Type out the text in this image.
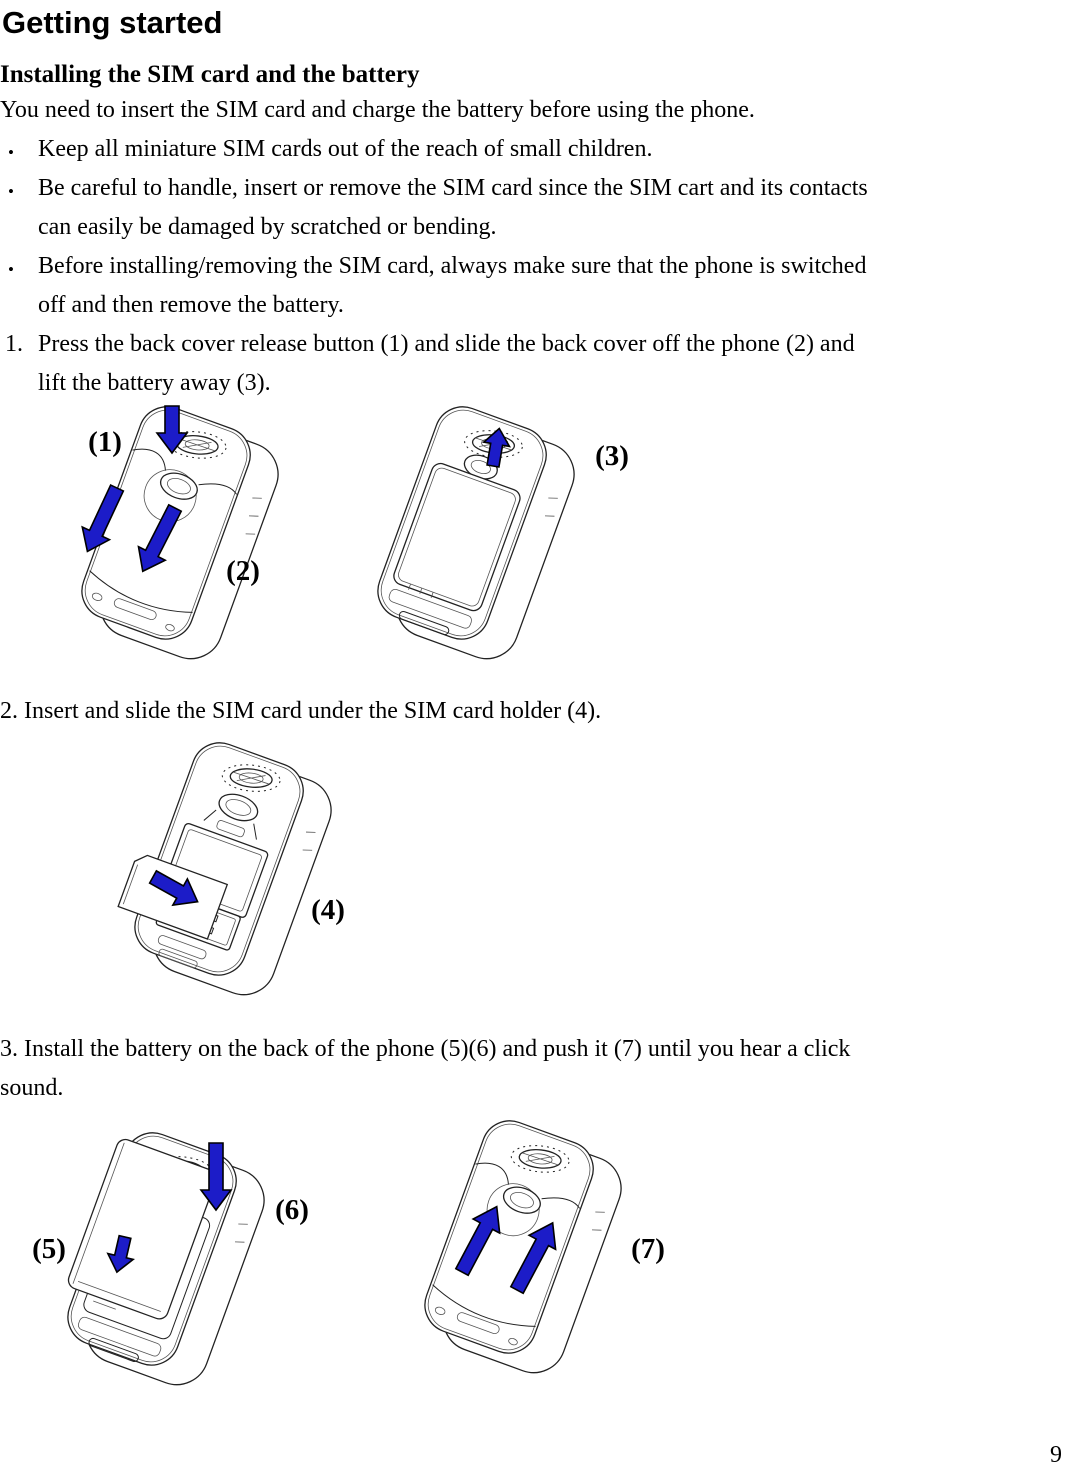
Getting started
Installing the SIM card and the battery
You need to insert the SIM card and charge the battery before using the phone.
• Keep all miniature SIM cards out of the reach of small children.
• Be careful to handle, insert or remove the SIM card since the SIM cart and its contacts
can easily be damaged by scratched or bending.
• Before installing/removing the SIM card, always make sure that the phone is switched
off and then remove the battery.
1. Press the back cover release button (1) and slide the back cover off the phone (2) and
lift the battery away (3).
(1)
(2)
(3)
2. Insert and slide the SIM card under the SIM card holder (4).
(4)
3. Install the battery on the back of the phone (5)(6) and push it (7) until you hear a click
sound.
(5)
(6)
(7)
9
